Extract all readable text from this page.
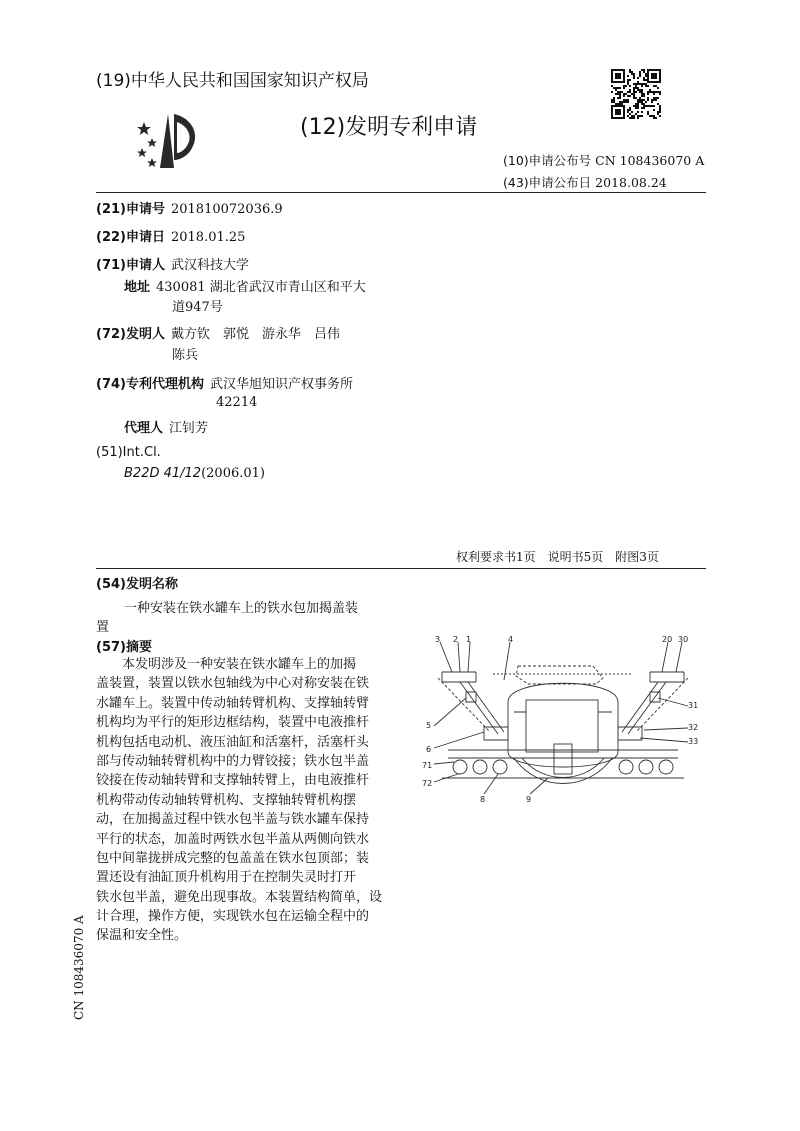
(19)中华人民共和国国家知识产权局
(12)发明专利申请
(10)申请公布号 CN 108436070 A
(43)申请公布日 2018.08.24
(21)申请号 201810072036.9
(22)申请日 2018.01.25
(71)申请人 武汉科技大学
地址 430081 湖北省武汉市青山区和平大
道947号
(72)发明人 戴方钦　郭悦　游永华　吕伟
陈兵
(74)专利代理机构 武汉华旭知识产权事务所
42214
代理人 江钊芳
(51)Int.Cl.
B22D 41/12(2006.01)
权利要求书1页　说明书5页　附图3页
(54)发明名称
一种安装在铁水罐车上的铁水包加揭盖装
置
(57)摘要
本发明涉及一种安装在铁水罐车上的加揭
盖装置，装置以铁水包轴线为中心对称安装在铁
水罐车上。装置中传动轴转臂机构、支撑轴转臂
机构均为平行的矩形边框结构，装置中电液推杆
机构包括电动机、液压油缸和活塞杆，活塞杆头
部与传动轴转臂机构中的力臂铰接；铁水包半盖
铰接在传动轴转臂和支撑轴转臂上，由电液推杆
机构带动传动轴转臂机构、支撑轴转臂机构摆
动，在加揭盖过程中铁水包半盖与铁水罐车保持
平行的状态，加盖时两铁水包半盖从两侧向铁水
包中间靠拢拼成完整的包盖盖在铁水包顶部；装
置还设有油缸顶升机构用于在控制失灵时打开
铁水包半盖，避免出现事故。本装置结构简单，设
计合理，操作方便，实现铁水包在运输全程中的
保温和安全性。
CN 108436070 A
3 2 1	4
5
6
71
72
8	9
20 30
31
32
33
